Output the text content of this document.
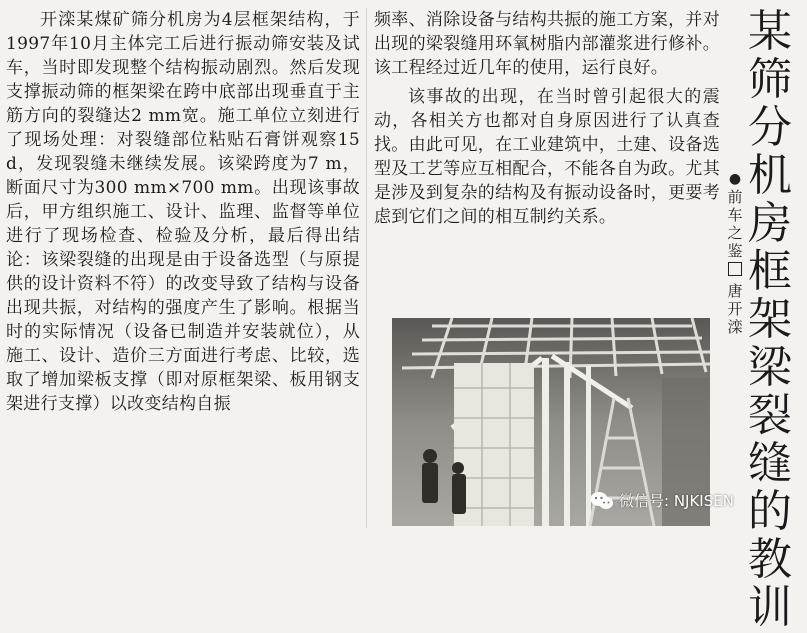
开滦某煤矿筛分机房为4层框架结构，于1997年10月主体完工后进行振动筛安装及试车，当时即发现整个结构振动剧烈。然后发现支撑振动筛的框架梁在跨中底部出现垂直于主筋方向的裂缝达2 mm宽。施工单位立刻进行了现场处理：对裂缝部位粘贴石膏饼观察15 d，发现裂缝未继续发展。该梁跨度为7 m，断面尺寸为300 mm×700 mm。出现该事故后，甲方组织施工、设计、监理、监督等单位进行了现场检查、检验及分析，最后得出结论：该梁裂缝的出现是由于设备选型（与原提供的设计资料不符）的改变导致了结构与设备出现共振，对结构的强度产生了影响。根据当时的实际情况（设备已制造并安装就位），从施工、设计、造价三方面进行考虑、比较，选取了增加梁板支撑（即对原框架梁、板用钢支架进行支撑）以改变结构自振

频率、消除设备与结构共振的施工方案，并对出现的梁裂缝用环氧树脂内部灌浆进行修补。该工程经过近几年的使用，运行良好。

该事故的出现，在当时曾引起很大的震动，各相关方也都对自身原因进行了认真查找。由此可见，在工业建筑中，土建、设备选型及工艺等应互相配合，不能各自为政。尤其是涉及到复杂的结构及有振动设备时，更要考虑到它们之间的相互制约关系。

某筛分机房框架梁裂缝的教训
●
前车之鉴  唐开滦
微信号: NJKISEN
